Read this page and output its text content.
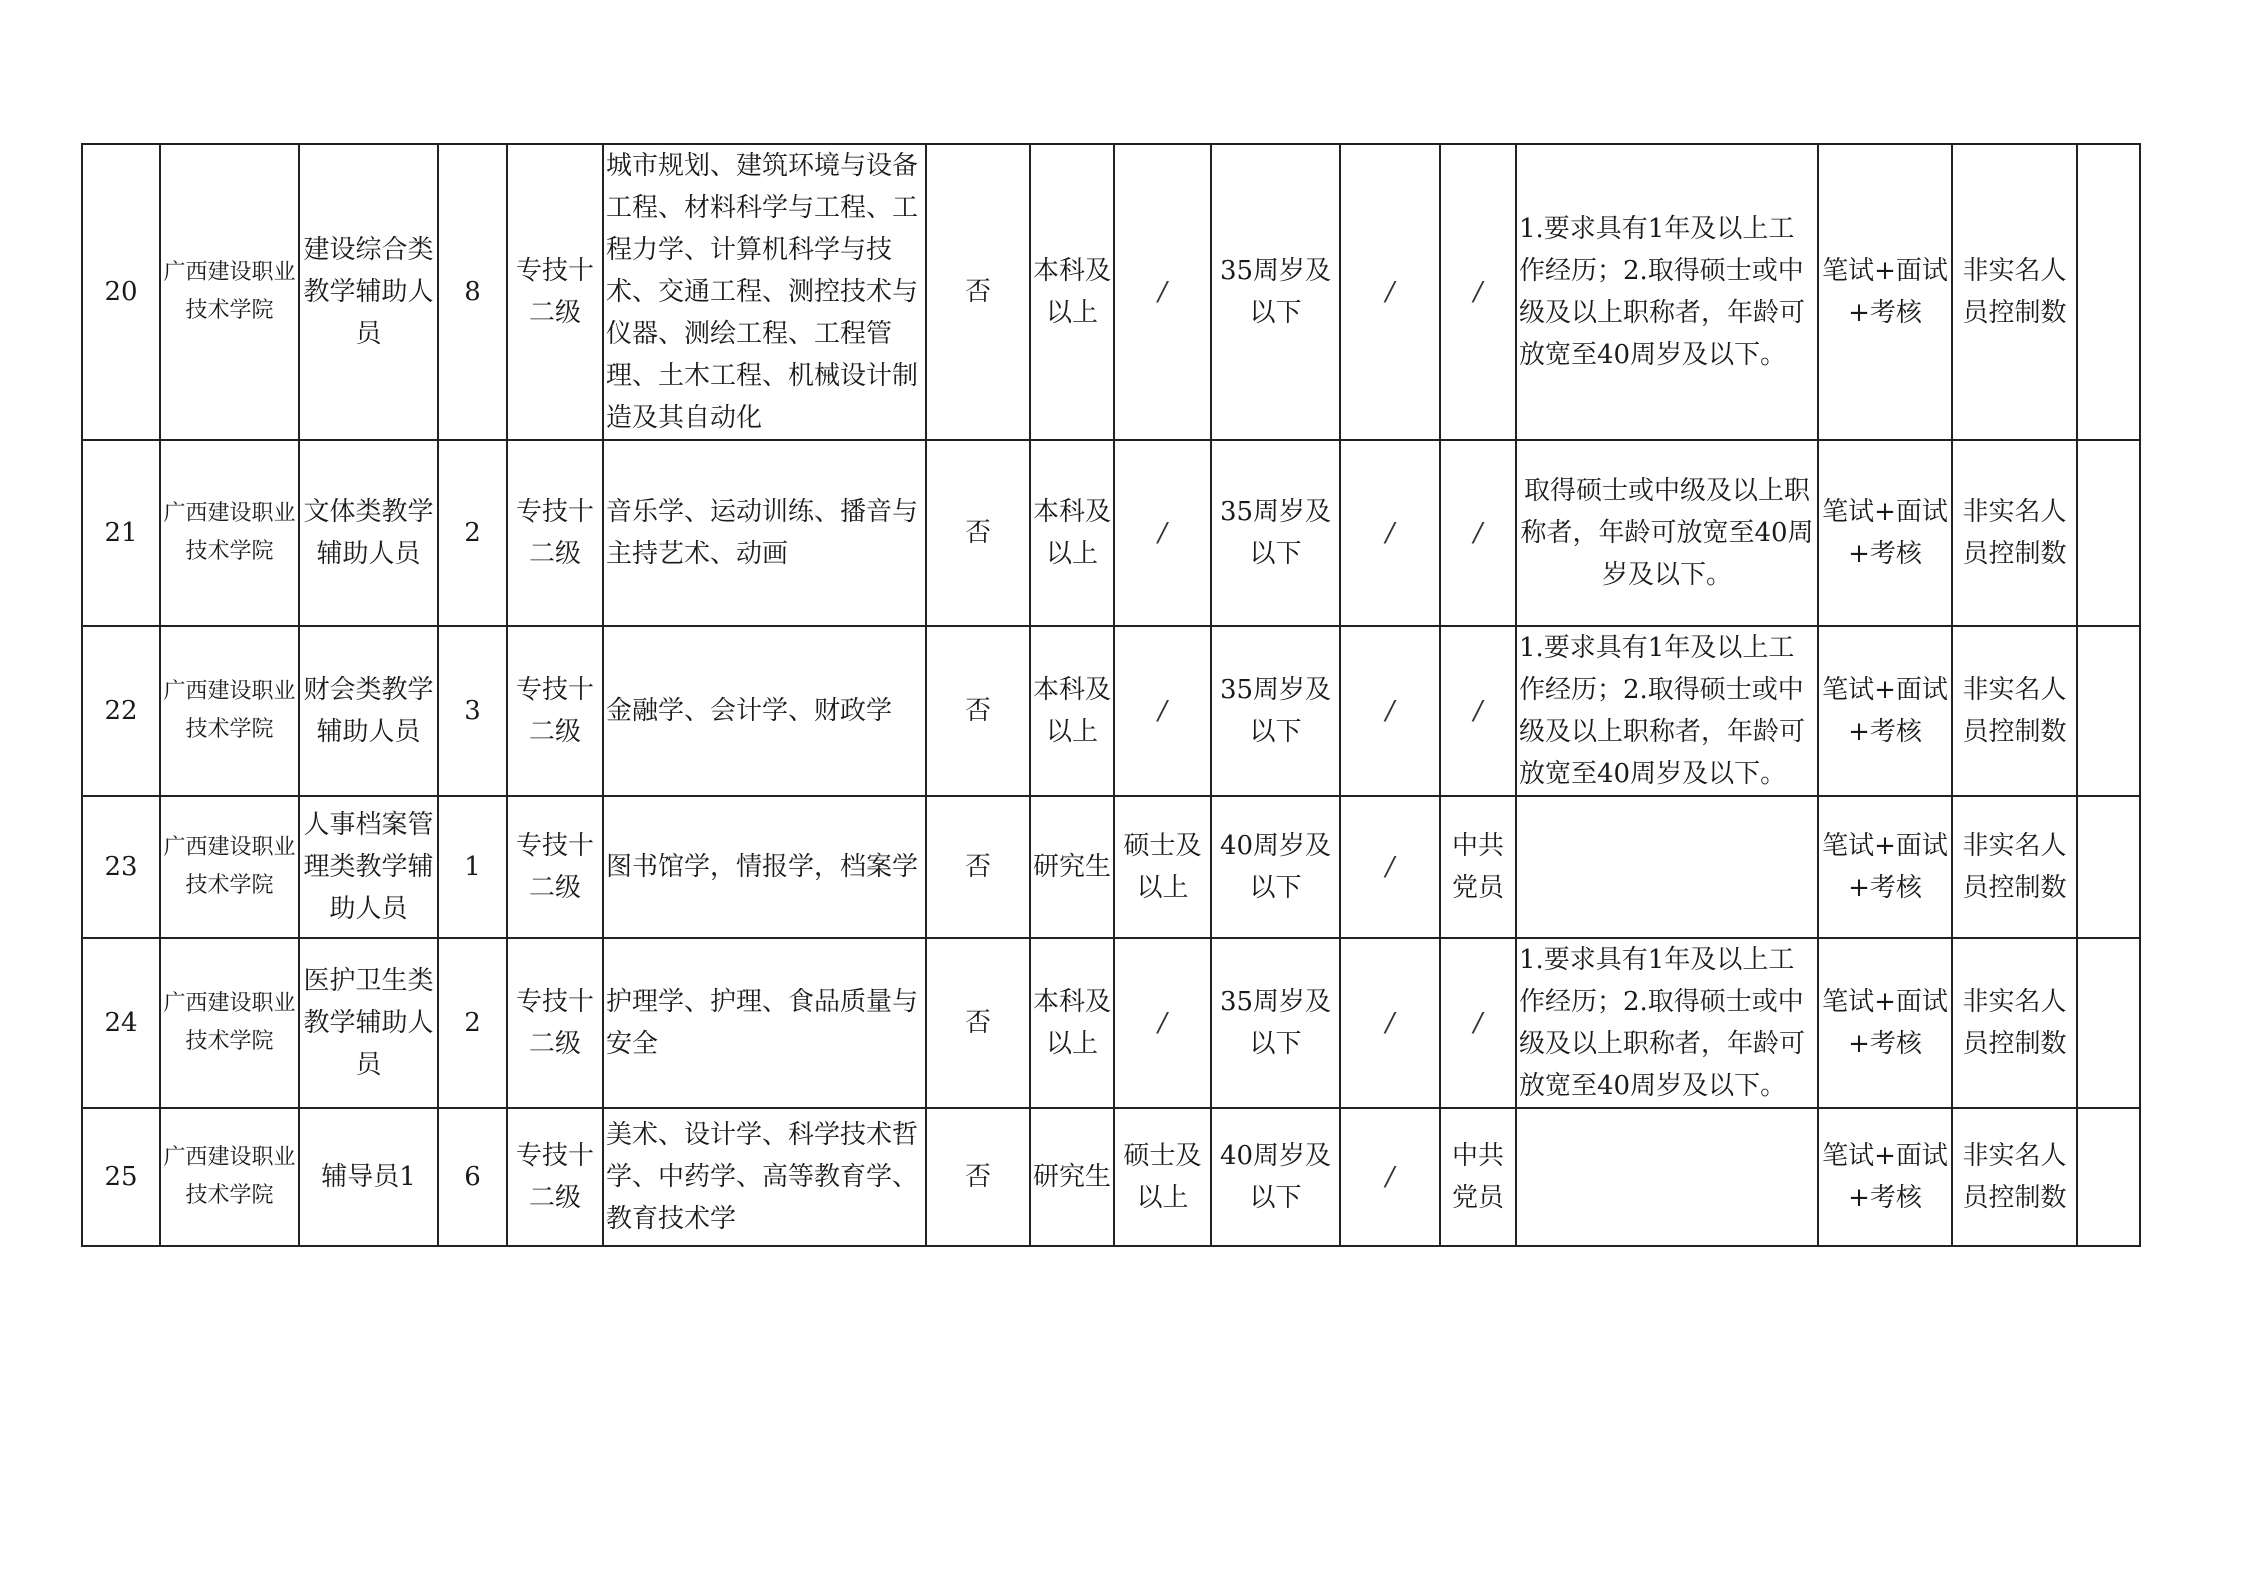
20	广西建设职业技术学院	建设综合类教学辅助人员	8	专技十二级	城市规划、建筑环境与设备工程、材料科学与工程、工程力学、计算机科学与技术、交通工程、测控技术与仪器、测绘工程、工程管理、土木工程、机械设计制造及其自动化	否	本科及以上	/	35周岁及以下	/	/	1.要求具有1年及以上工作经历；2.取得硕士或中级及以上职称者，年龄可放宽至40周岁及以下。	笔试+面试+考核	非实名人员控制数	
21	广西建设职业技术学院	文体类教学辅助人员	2	专技十二级	音乐学、运动训练、播音与主持艺术、动画	否	本科及以上	/	35周岁及以下	/	/	取得硕士或中级及以上职称者，年龄可放宽至40周岁及以下。	笔试+面试+考核	非实名人员控制数	
22	广西建设职业技术学院	财会类教学辅助人员	3	专技十二级	金融学、会计学、财政学	否	本科及以上	/	35周岁及以下	/	/	1.要求具有1年及以上工作经历；2.取得硕士或中级及以上职称者，年龄可放宽至40周岁及以下。	笔试+面试+考核	非实名人员控制数	
23	广西建设职业技术学院	人事档案管理类教学辅助人员	1	专技十二级	图书馆学，情报学，档案学	否	研究生	硕士及以上	40周岁及以下	/	中共党员		笔试+面试+考核	非实名人员控制数	
24	广西建设职业技术学院	医护卫生类教学辅助人员	2	专技十二级	护理学、护理、食品质量与安全	否	本科及以上	/	35周岁及以下	/	/	1.要求具有1年及以上工作经历；2.取得硕士或中级及以上职称者，年龄可放宽至40周岁及以下。	笔试+面试+考核	非实名人员控制数	
25	广西建设职业技术学院	辅导员1	6	专技十二级	美术、设计学、科学技术哲学、中药学、高等教育学、教育技术学	否	研究生	硕士及以上	40周岁及以下	/	中共党员		笔试+面试+考核	非实名人员控制数	
